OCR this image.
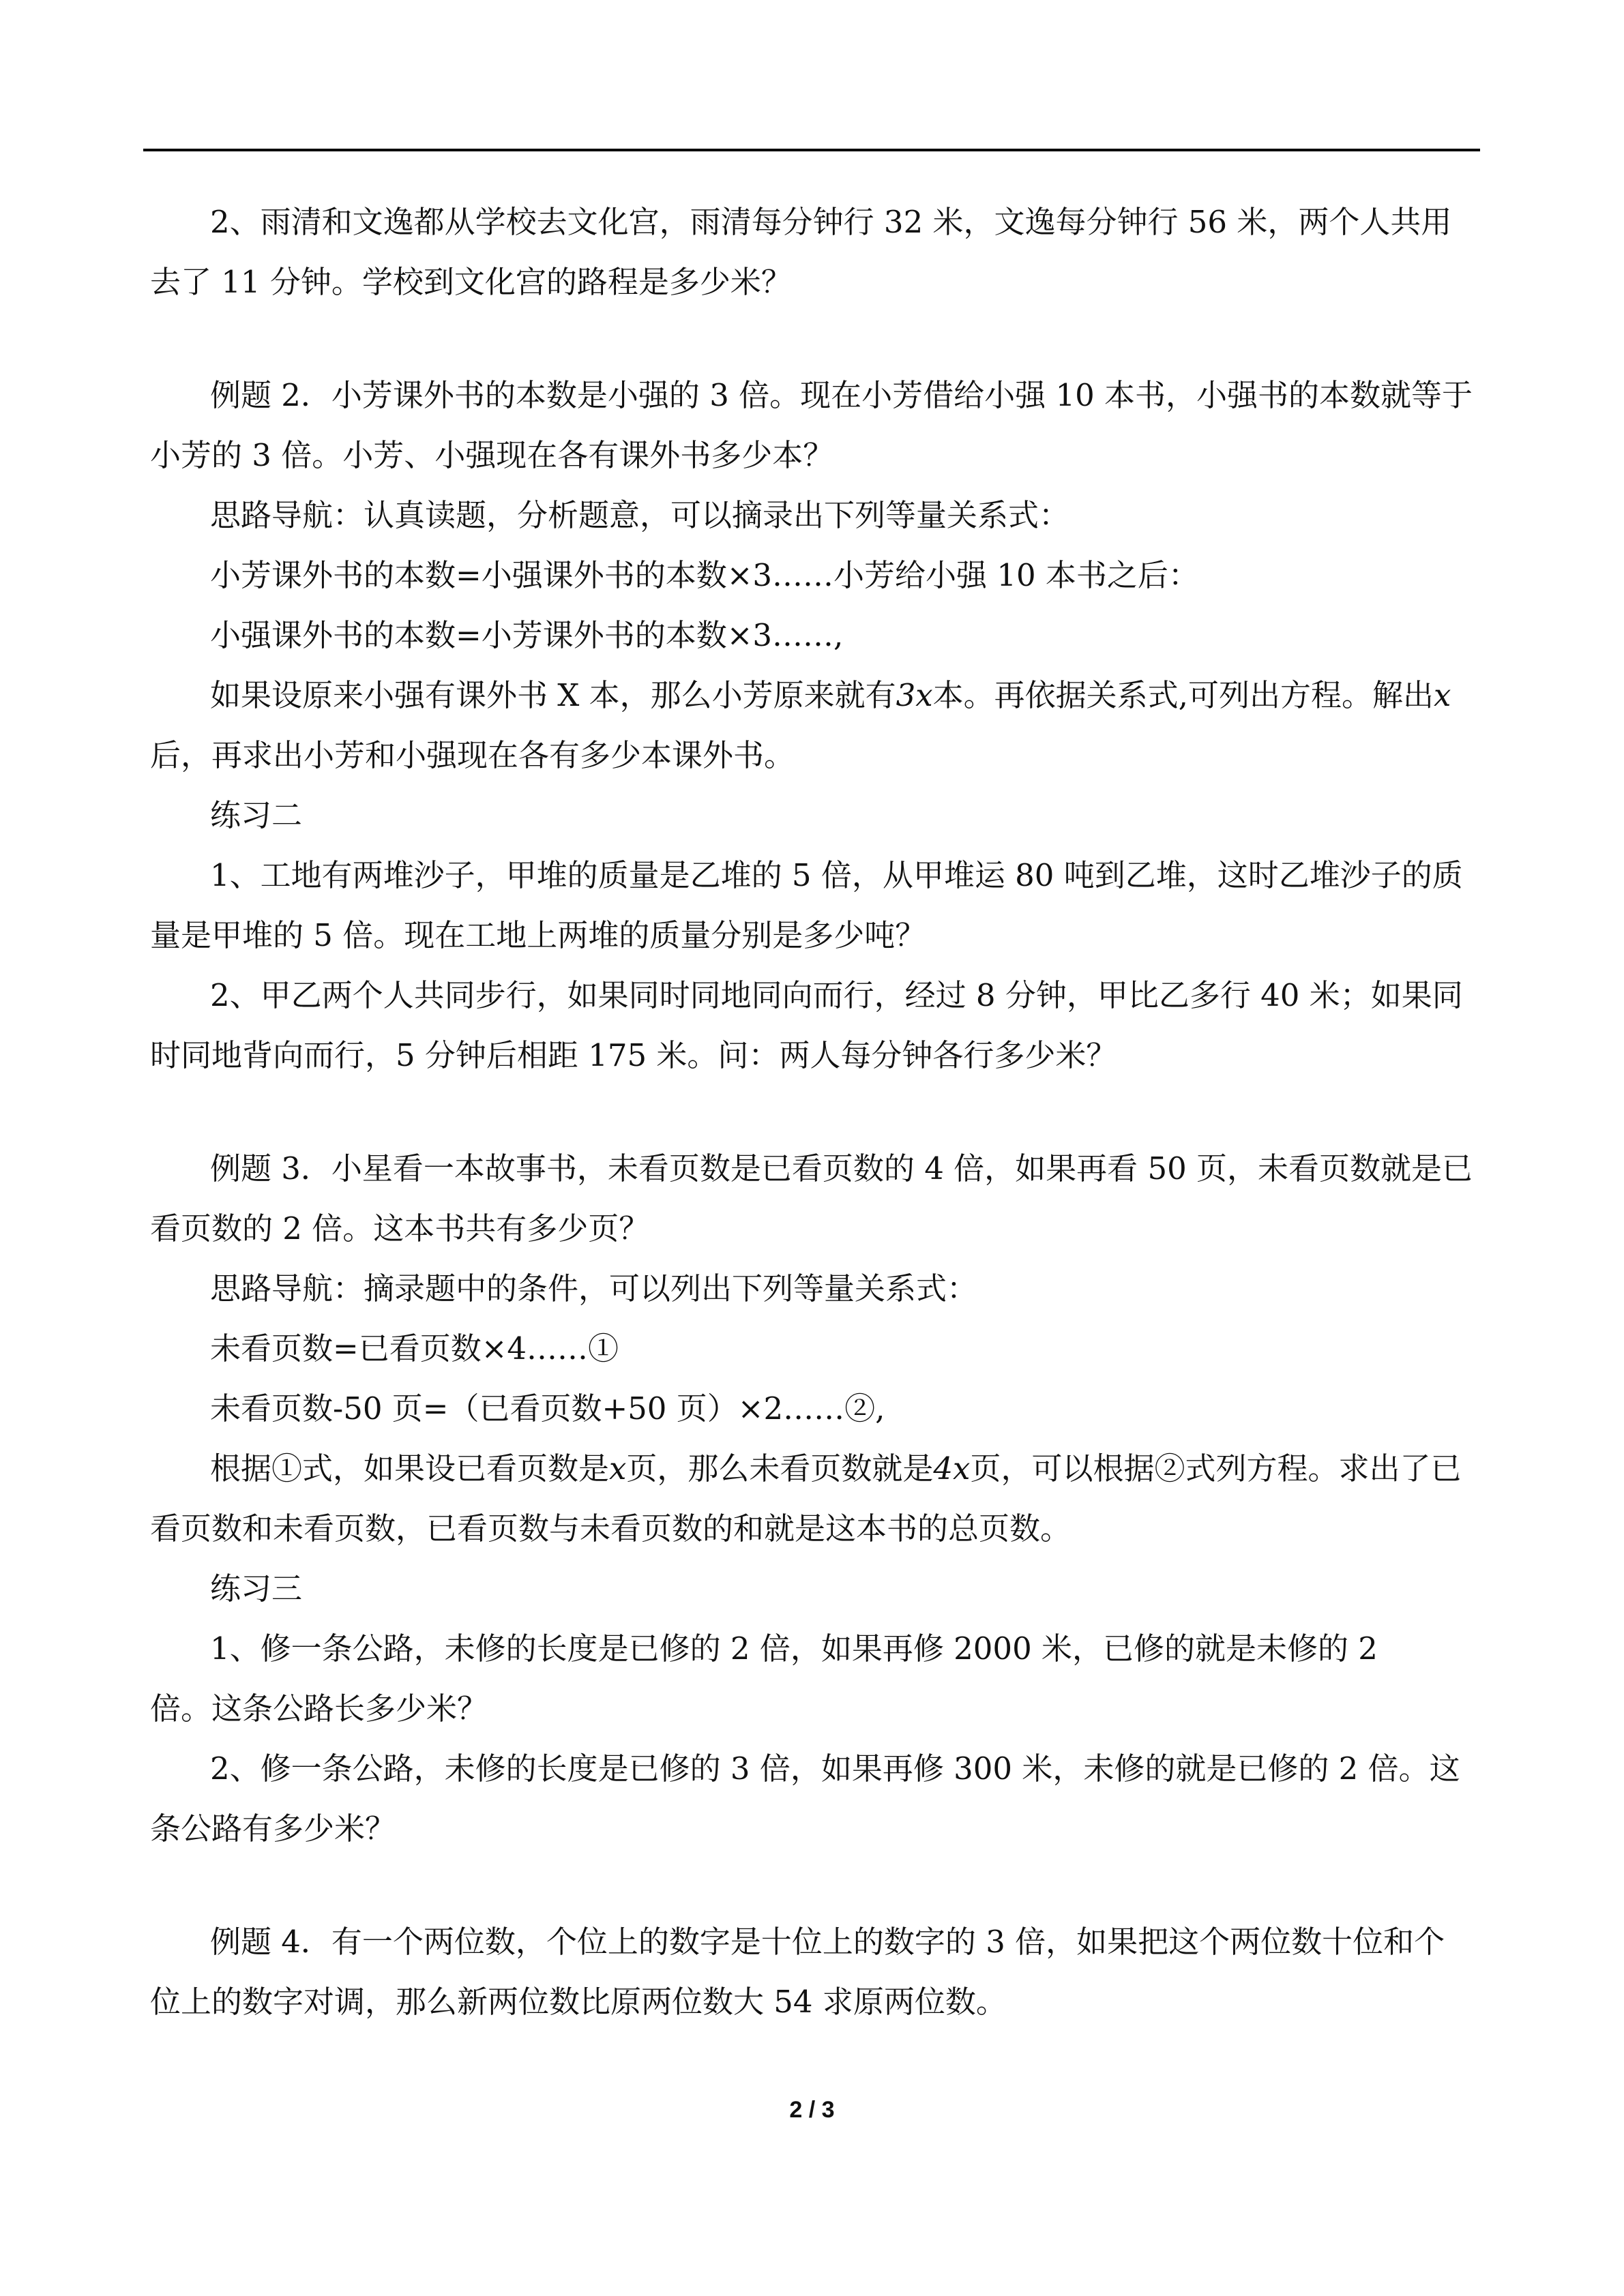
2、雨清和文逸都从学校去文化宫，雨清每分钟行 32 米，文逸每分钟行 56 米，两个人共用去了 11 分钟。学校到文化宫的路程是多少米？

例题 2．小芳课外书的本数是小强的 3 倍。现在小芳借给小强 10 本书，小强书的本数就等于小芳的 3 倍。小芳、小强现在各有课外书多少本？

思路导航：认真读题，分析题意，可以摘录出下列等量关系式：

小芳课外书的本数=小强课外书的本数×3……小芳给小强 10 本书之后：

小强课外书的本数=小芳课外书的本数×3……,

如果设原来小强有课外书 X 本，那么小芳原来就有3x本。再依据关系式,可列出方程。解出x后，再求出小芳和小强现在各有多少本课外书。

练习二

1、工地有两堆沙子，甲堆的质量是乙堆的 5 倍，从甲堆运 80 吨到乙堆，这时乙堆沙子的质量是甲堆的 5 倍。现在工地上两堆的质量分别是多少吨？

2、甲乙两个人共同步行，如果同时同地同向而行，经过 8 分钟，甲比乙多行 40 米；如果同时同地背向而行，5 分钟后相距 175 米。问：两人每分钟各行多少米？

例题 3．小星看一本故事书，未看页数是已看页数的 4 倍，如果再看 50 页，未看页数就是已看页数的 2 倍。这本书共有多少页？

思路导航：摘录题中的条件，可以列出下列等量关系式：

未看页数=已看页数×4……①

未看页数-50 页=（已看页数+50 页）×2……②,

根据①式，如果设已看页数是x页，那么未看页数就是4x页，可以根据②式列方程。求出了已看页数和未看页数，已看页数与未看页数的和就是这本书的总页数。

练习三

1、修一条公路，未修的长度是已修的 2 倍，如果再修 2000 米，已修的就是未修的 2

倍。这条公路长多少米？

2、修一条公路，未修的长度是已修的 3 倍，如果再修 300 米，未修的就是已修的 2 倍。这条公路有多少米？

例题 4．有一个两位数，个位上的数字是十位上的数字的 3 倍，如果把这个两位数十位和个位上的数字对调，那么新两位数比原两位数大 54 求原两位数。

2 / 3
